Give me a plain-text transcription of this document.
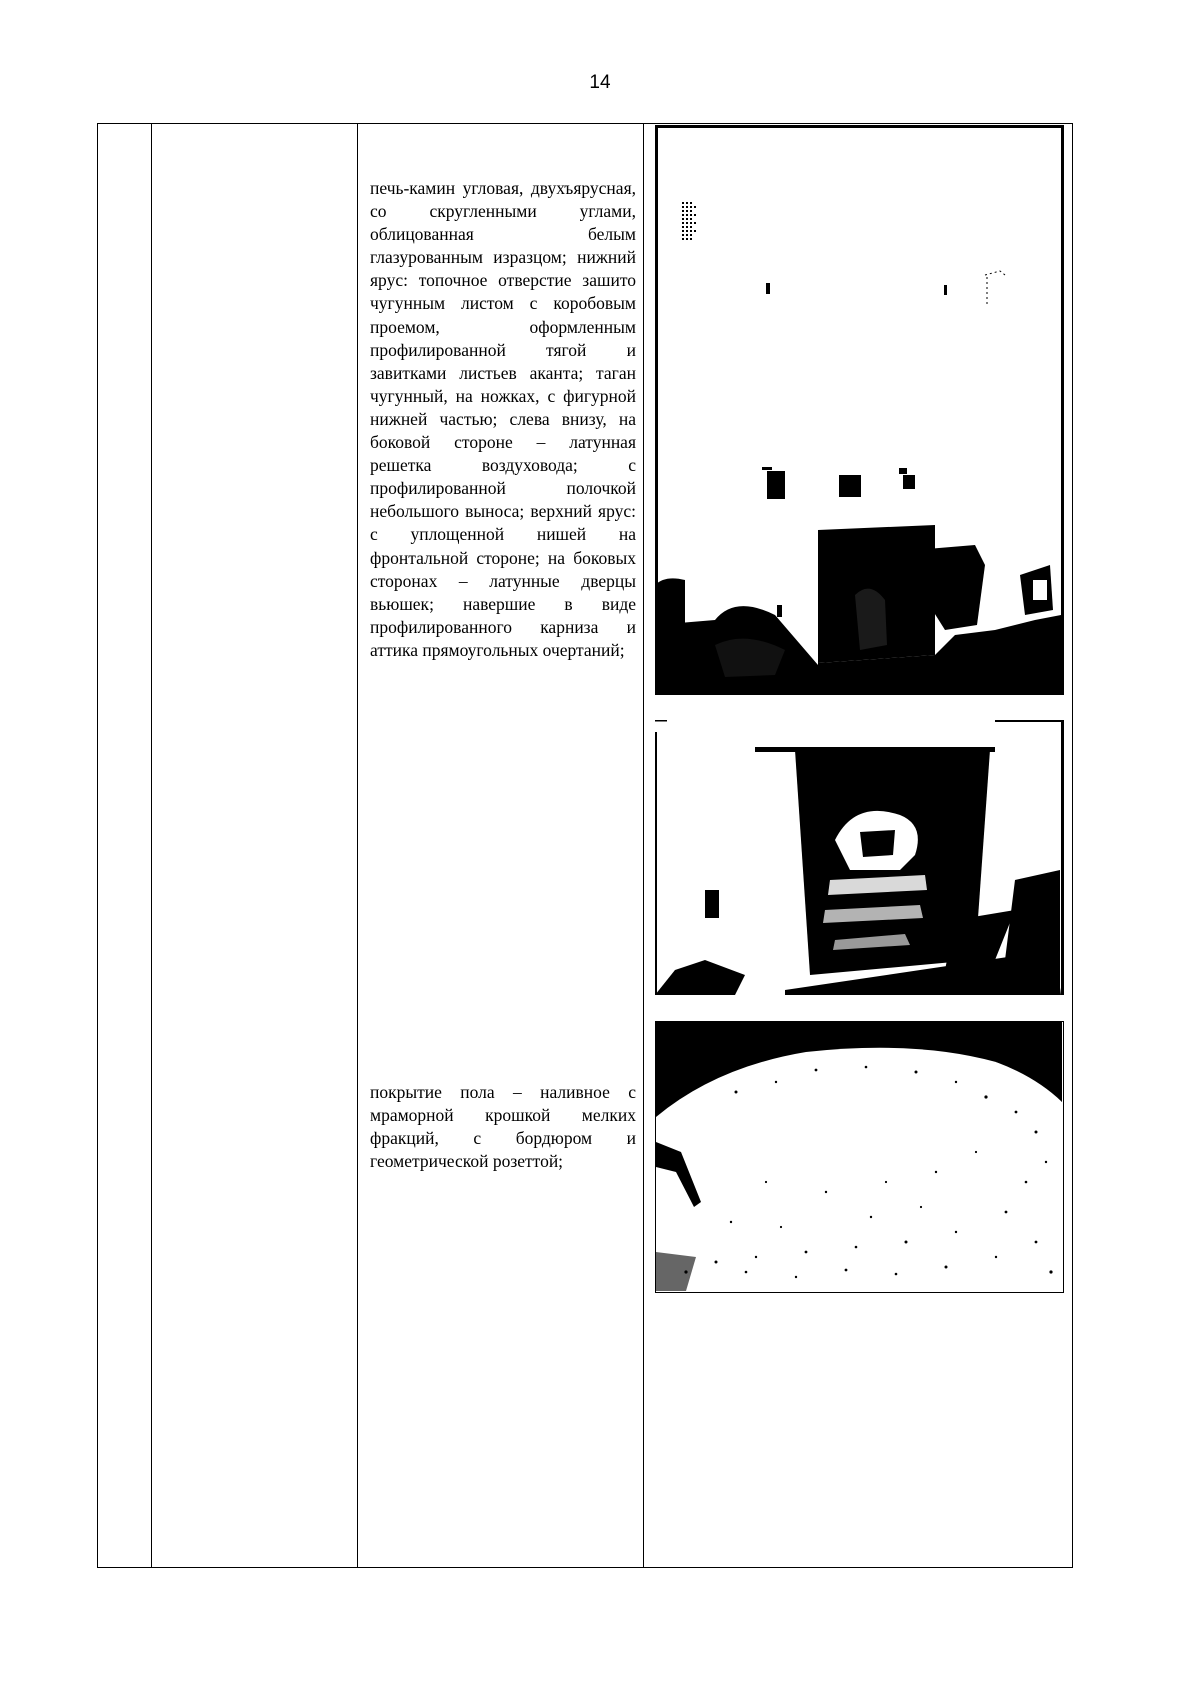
14
печь-камин угловая, двухъярусная, со скругленными углами, облицованная белым глазурованным изразцом; нижний ярус: топочное отверстие зашито чугунным листом с коробовым проемом, оформленным профилированной тягой и завитками листьев аканта; таган чугунный, на ножках, с фигурной нижней частью; слева внизу, на боковой стороне – латунная решетка воздуховода; с профилированной полочкой небольшого выноса; верхний ярус: с уплощенной нишей на фронтальной стороне; на боковых сторонах – латунные дверцы вьюшек; навершие в виде профилированного карниза и аттика прямоугольных очертаний;
покрытие пола – наливное с мраморной крошкой мелких фракций, с бордюром и геометрической розеттой;
